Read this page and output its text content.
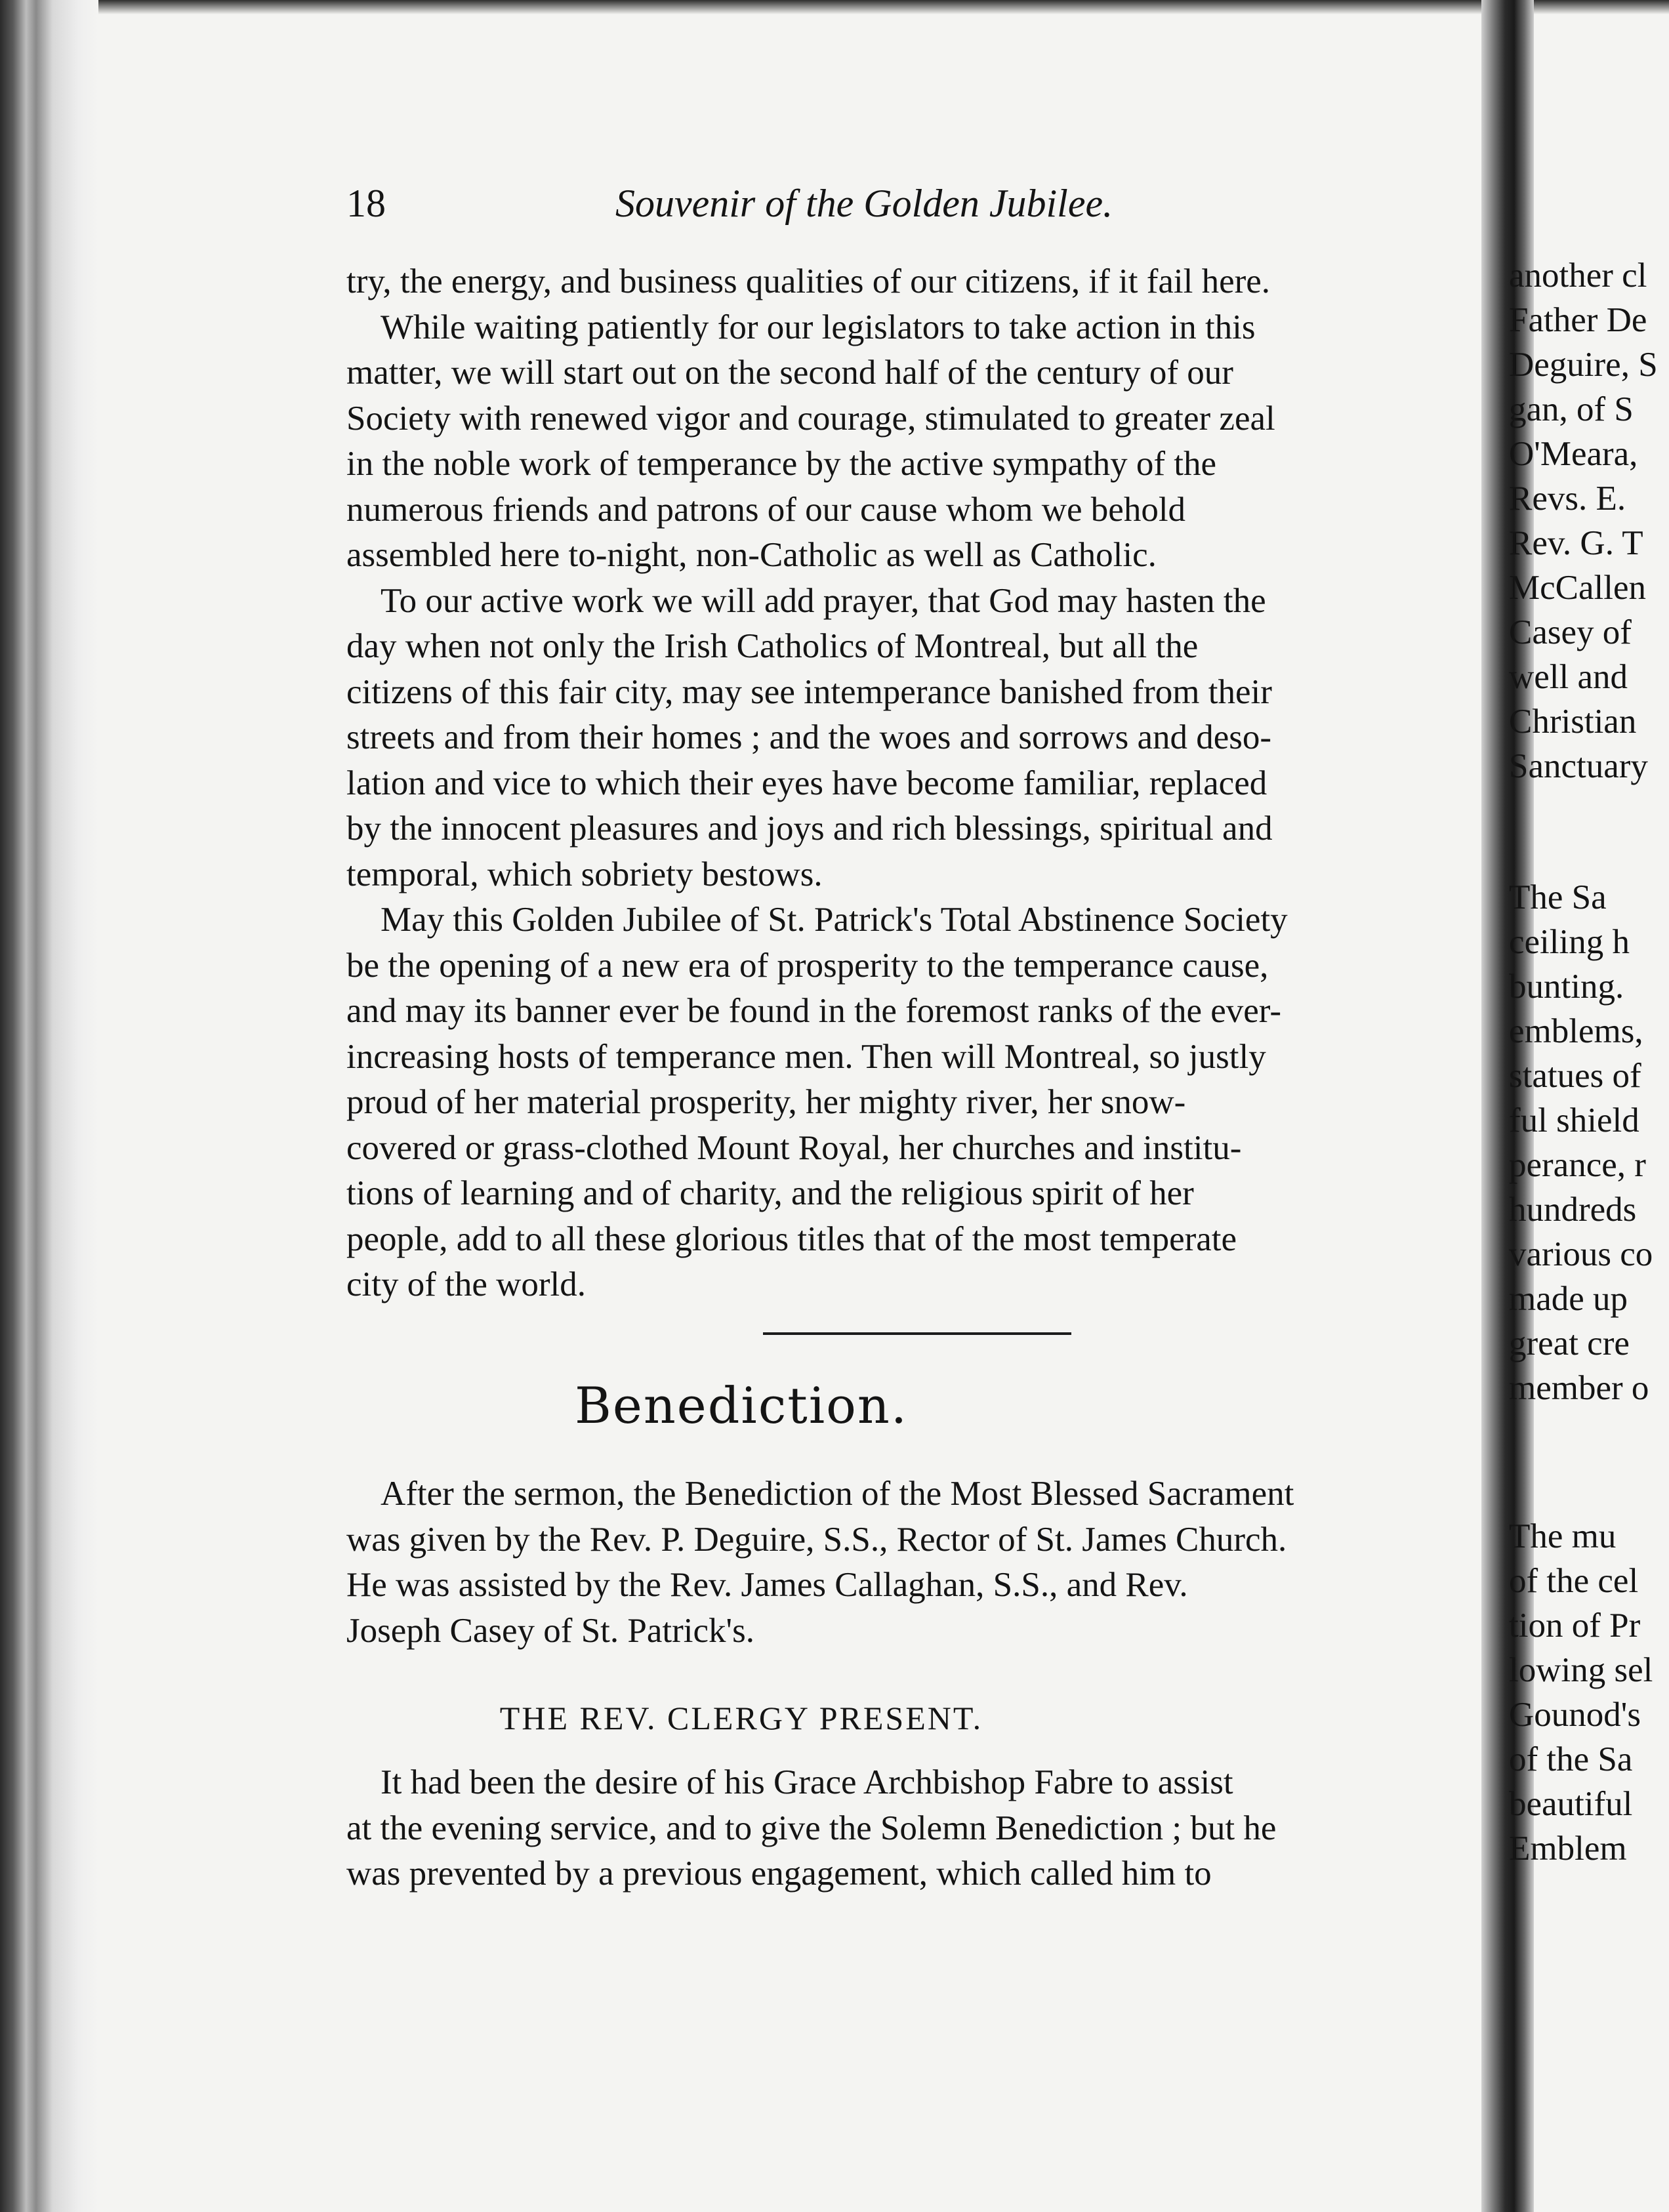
18	Souvenir of the Golden Jubilee.
try, the energy, and business qualities of our citizens, if it fail here.
While waiting patiently for our legislators to take action in this
matter, we will start out on the second half of the century of our
Society with renewed vigor and courage, stimulated to greater zeal
in the noble work of temperance by the active sympathy of the
numerous friends and patrons of our cause whom we behold
assembled here to-night, non-Catholic as well as Catholic.
To our active work we will add prayer, that God may hasten the
day when not only the Irish Catholics of Montreal, but all the
citizens of this fair city, may see intemperance banished from their
streets and from their homes ; and the woes and sorrows and deso-
lation and vice to which their eyes have become familiar, replaced
by the innocent pleasures and joys and rich blessings, spiritual and
temporal, which sobriety bestows.
May this Golden Jubilee of St. Patrick's Total Abstinence Society
be the opening of a new era of prosperity to the temperance cause,
and may its banner ever be found in the foremost ranks of the ever-
increasing hosts of temperance men. Then will Montreal, so justly
proud of her material prosperity, her mighty river, her snow-
covered or grass-clothed Mount Royal, her churches and institu-
tions of learning and of charity, and the religious spirit of her
people, add to all these glorious titles that of the most temperate
city of the world.
Benediction.
After the sermon, the Benediction of the Most Blessed Sacrament
was given by the Rev. P. Deguire, S.S., Rector of St. James Church.
He was assisted by the Rev. James Callaghan, S.S., and Rev.
Joseph Casey of St. Patrick's.
THE REV. CLERGY PRESENT.
It had been the desire of his Grace Archbishop Fabre to assist
at the evening service, and to give the Solemn Benediction ; but he
was prevented by a previous engagement, which called him to
another cl
Father De
Deguire, S
gan, of S
O'Meara,
Revs. E.
Rev. G. T
McCallen
Casey of
well and
Christian
Sanctuary
The Sa
ceiling h
bunting.
emblems,
statues of
ful shield
perance, r
hundreds
various co
made up
great cre
member o
The mu
of the cel
tion of Pr
lowing sel
Gounod's
of the Sa
beautiful
Emblem
